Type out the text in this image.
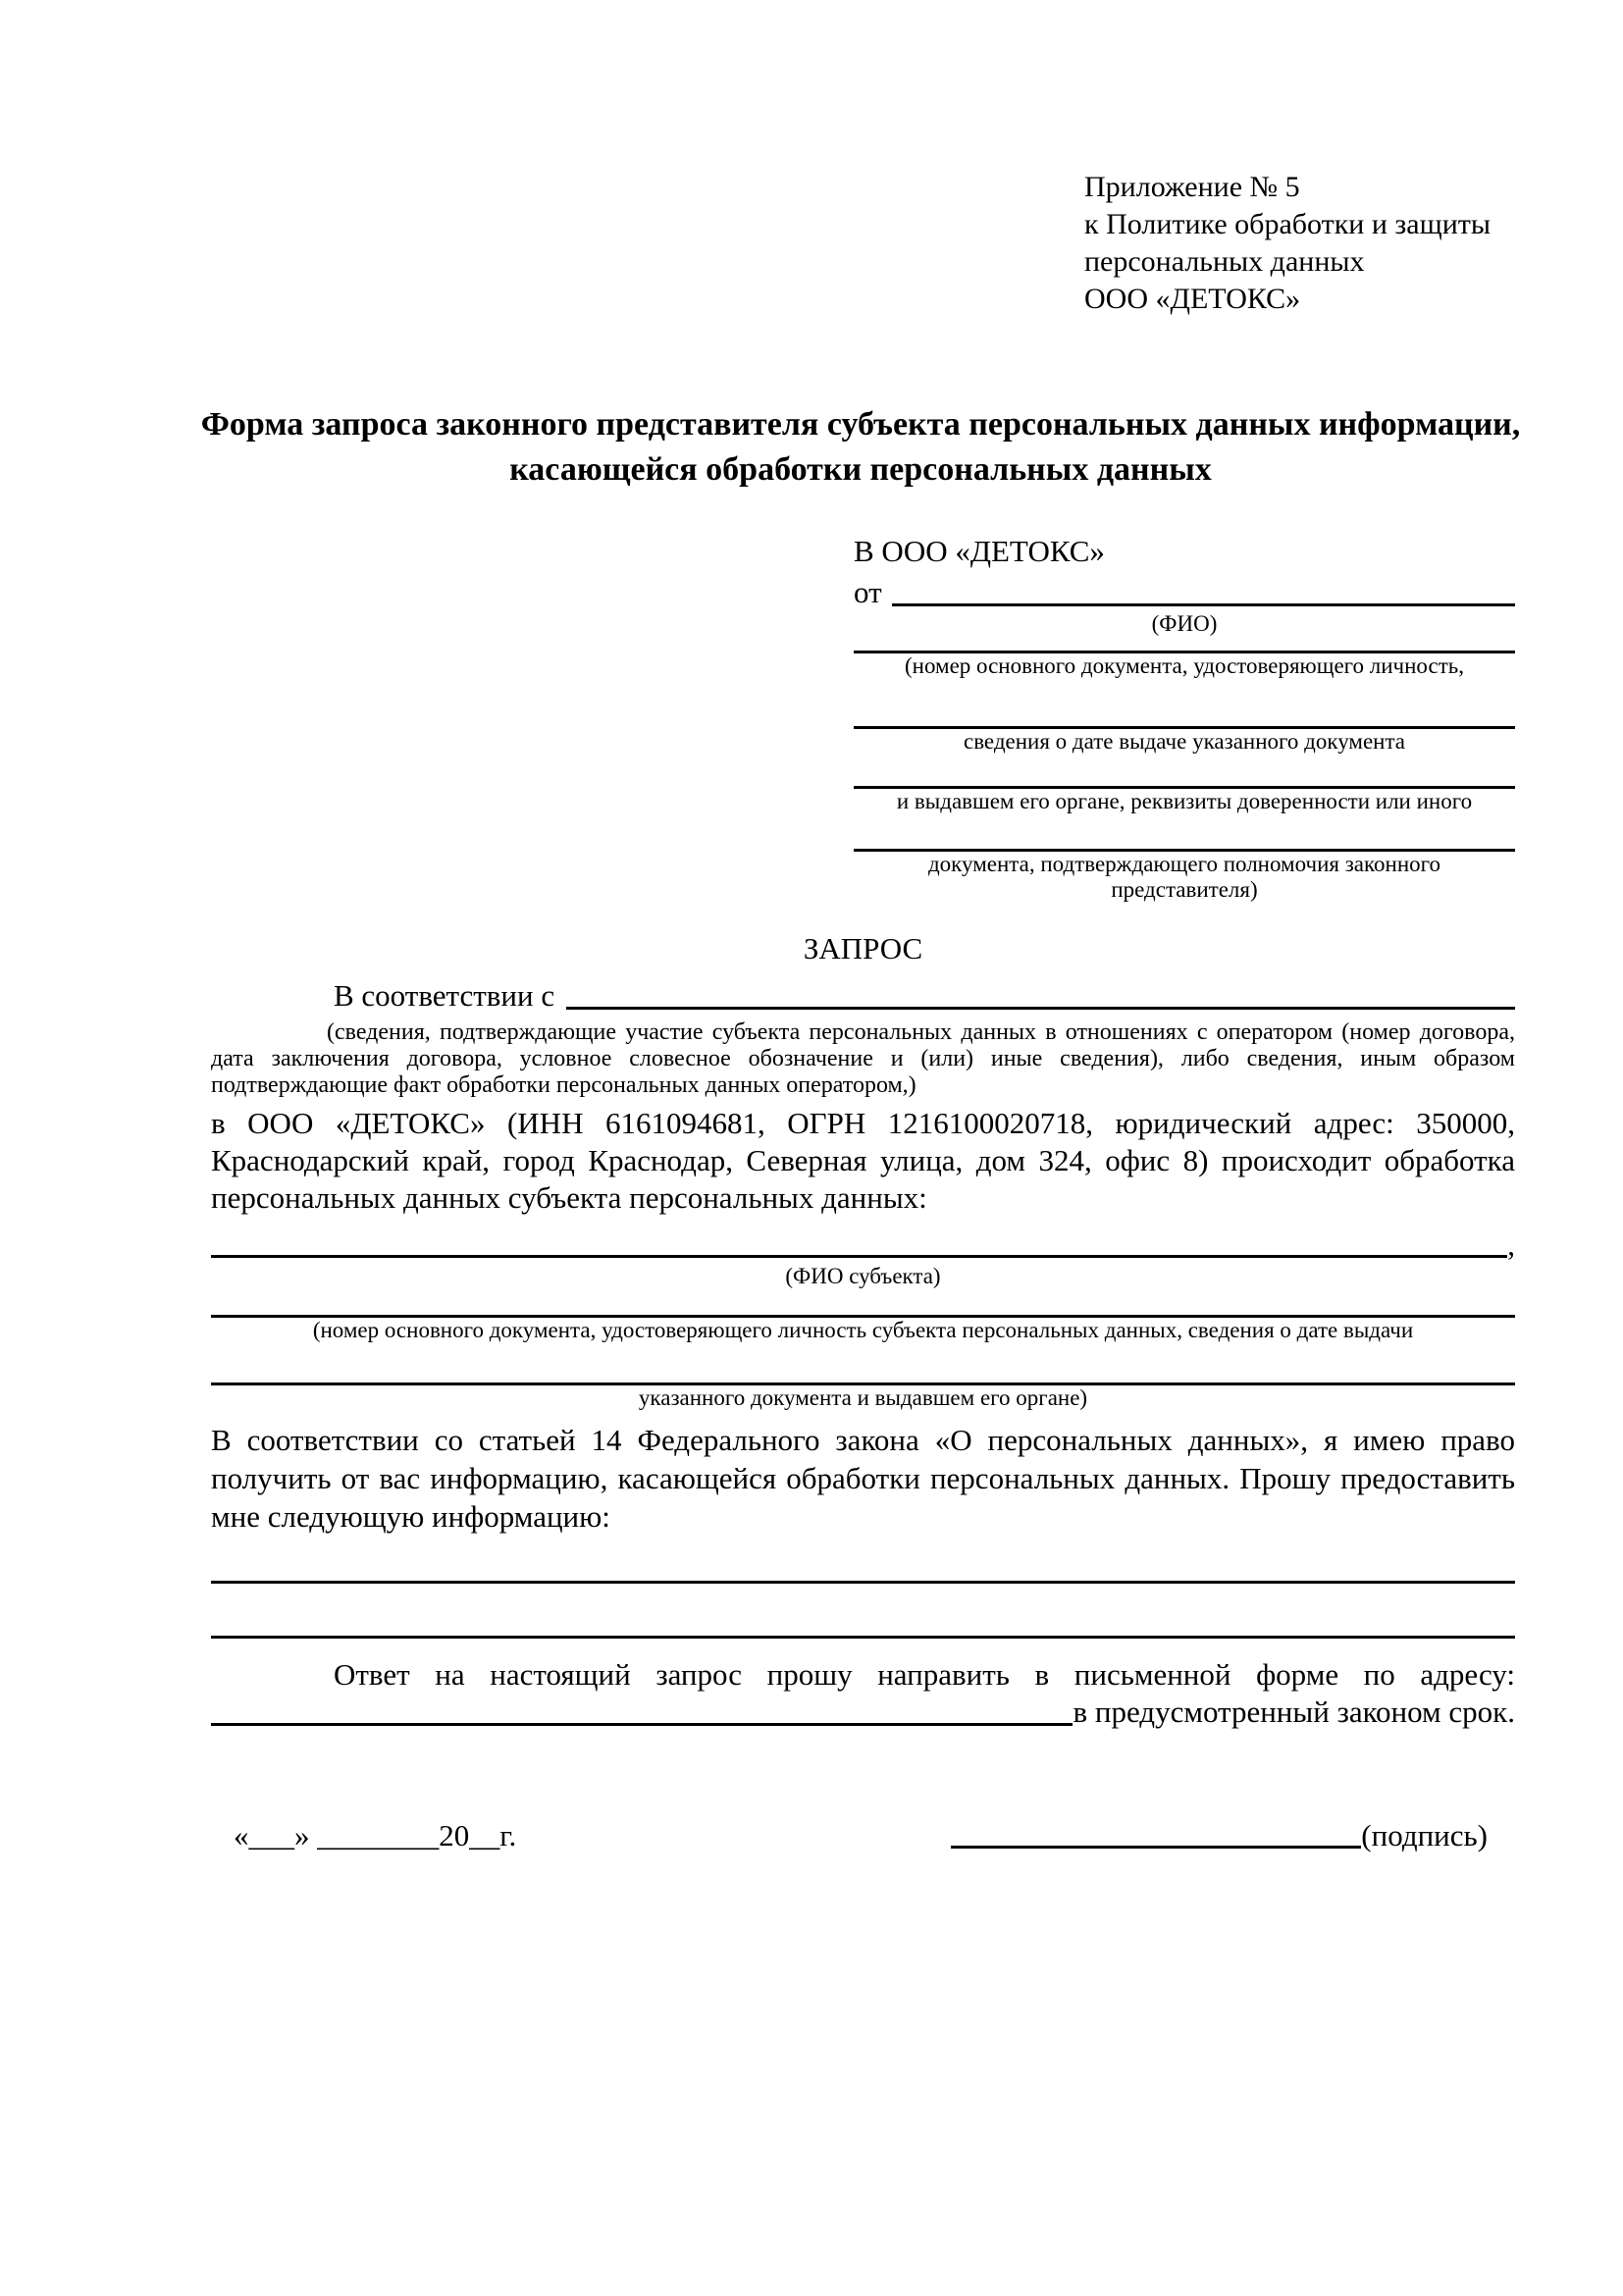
Приложение № 5
к Политике обработки и защиты
персональных данных
ООО «ДЕТОКС»
Форма запроса законного представителя субъекта персональных данных информации, касающейся обработки персональных данных
В ООО «ДЕТОКС»
от
(ФИО)
(номер основного документа, удостоверяющего личность,
сведения о дате выдаче указанного документа
и выдавшем его органе, реквизиты доверенности или иного
документа, подтверждающего полномочия законного представителя)
ЗАПРОС
В соответствии с
(сведения, подтверждающие участие субъекта персональных данных в отношениях с оператором (номер договора, дата заключения договора, условное словесное обозначение и (или) иные сведения), либо сведения, иным образом подтверждающие факт обработки персональных данных оператором,)
в ООО «ДЕТОКС» (ИНН 6161094681, ОГРН 1216100020718, юридический адрес: 350000, Краснодарский край, город Краснодар, Северная улица, дом 324, офис 8) происходит обработка персональных данных субъекта персональных данных:
,
(ФИО субъекта)
(номер основного документа, удостоверяющего личность субъекта персональных данных, сведения о дате выдачи
указанного документа и выдавшем его органе)
В соответствии со статьей 14 Федерального закона «О персональных данных», я имею право получить от вас информацию, касающейся обработки персональных данных. Прошу предоставить мне следующую информацию:
Ответ на настоящий запрос прошу направить в письменной форме по адресу:
в предусмотренный законом срок.
«___» ________20__г.	(подпись)
